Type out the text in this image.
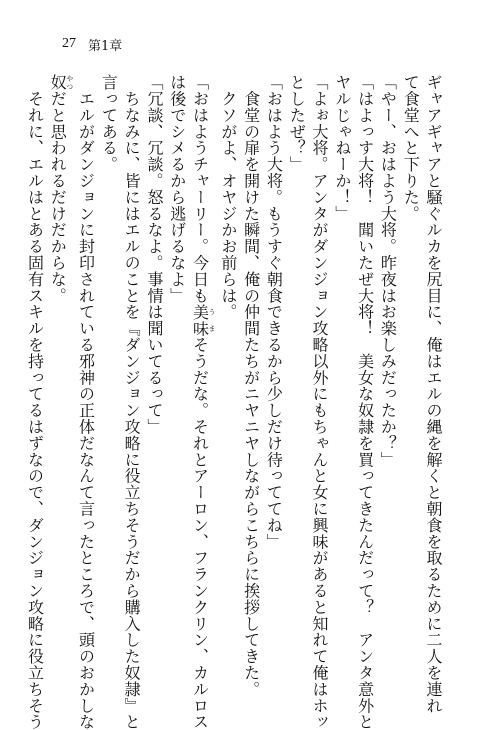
27 第1章
ギャアギャアと騒ぐルカを尻目に、俺はエルの縄を解くと朝食を取るために二人を連れ
て食堂へと下りた。
「やー、おはよう大将。昨夜はお楽しみだったか？」
「はよっす大将！　聞いたぜ大将！　美女な奴隷を買ってきたんだって？　アンタ意外と
ヤルじゃねーか！」
「よぉ大将。アンタがダンジョン攻略以外にもちゃんと女に興味があると知れて俺はホッ
としたぜ？」
「おはよう大将。もうすぐ朝食できるから少しだけ待っててね」
　食堂の扉を開けた瞬間、俺の仲間たちがニヤニヤしながらこちらに挨拶してきた。
　クソがよ、オヤジかお前らは。
「おはようチャーリー。今日も美味うまそうだな。それとアーロン、フランクリン、カルロス
は後でシメるから逃げるなよ」
「冗談、冗談。怒るなよ。事情は聞いてるって」
　ちなみに、皆にはエルのことを『ダンジョン攻略に役立ちそうだから購入した奴隷』と
言ってある。
　エルがダンジョンに封印されている邪神の正体だなんて言ったところで、頭のおかしな
奴やつだと思われるだけだからな。
　それに、エルはとある固有スキルを持ってるはずなので、ダンジョン攻略に役立ちそう
